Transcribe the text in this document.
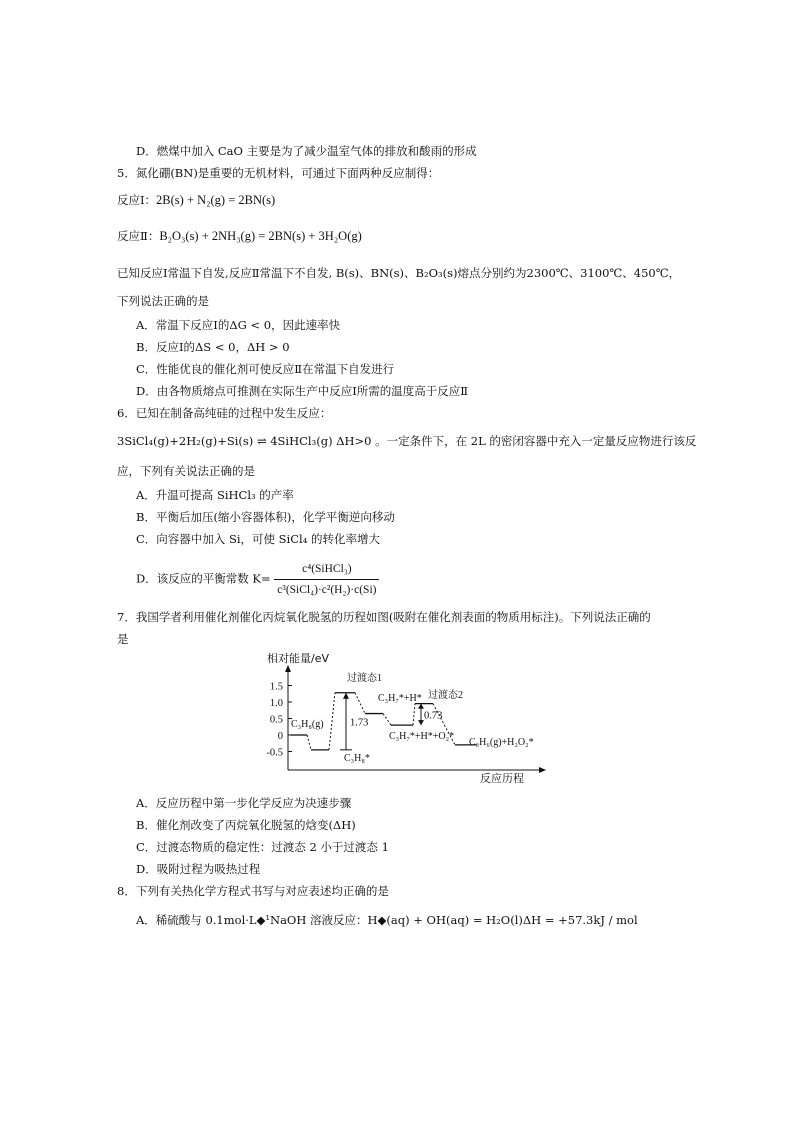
D．燃煤中加入 CaO 主要是为了减少温室气体的排放和酸雨的形成
5．氮化硼(BN)是重要的无机材料，可通过下面两种反应制得：
反应Ⅰ：2B(s) + N₂(g) = 2BN(s)
反应Ⅱ：B₂O₃(s) + 2NH₃(g) = 2BN(s) + 3H₂O(g)
已知反应Ⅰ常温下自发,反应Ⅱ常温下不自发, B(s)、BN(s)、B₂O₃(s)熔点分别约为2300℃、3100℃、450℃，
下列说法正确的是
A．常温下反应Ⅰ的ΔG < 0，因此速率快
B．反应Ⅰ的ΔS < 0，ΔH > 0
C．性能优良的催化剂可使反应Ⅱ在常温下自发进行
D．由各物质熔点可推测在实际生产中反应Ⅰ所需的温度高于反应Ⅱ
6．已知在制备高纯硅的过程中发生反应：
3SiCl₄(g)+2H₂(g)+Si(s) ⇌ 4SiHCl₃(g) ΔH>0 。一定条件下，在 2L 的密闭容器中充入一定量反应物进行该反
应，下列有关说法正确的是
A．升温可提高 SiHCl₃ 的产率
B．平衡后加压(缩小容器体积)，化学平衡逆向移动
C．向容器中加入 Si，可使 SiCl₄ 的转化率增大
D．该反应的平衡常数 $K= \frac{\text{c⁴(SiHCl₃)}}{\text{c³(SiCl₄)·c²(H₂)·c(Si)}}$
7．我国学者利用催化剂催化丙烷氧化脱氢的历程如图(吸附在催化剂表面的物质用标注)。下列说法正确的
是
相对能量/eV
反应历程
1.5
1.0
0.5
0
-0.5
C₃H₈(g)
C₃H₈*
过渡态1
C₃H₇*+H*
C₃H₇*+H*+O₂*
过渡态2
C₃H₆(g)+H₂O₂*
1.73
0.73
A．反应历程中第一步化学反应为决速步骤
B．催化剂改变了丙烷氧化脱氢的焓变(ΔH)
C．过渡态物质的稳定性：过渡态 2 小于过渡态 1
D．吸附过程为吸热过程
8．下列有关热化学方程式书写与对应表述均正确的是
A．稀硫酸与 0.1mol·L◆¹NaOH 溶液反应：H◆(aq) + OH(aq) = H₂O(l)ΔH = +57.3kJ / mol
